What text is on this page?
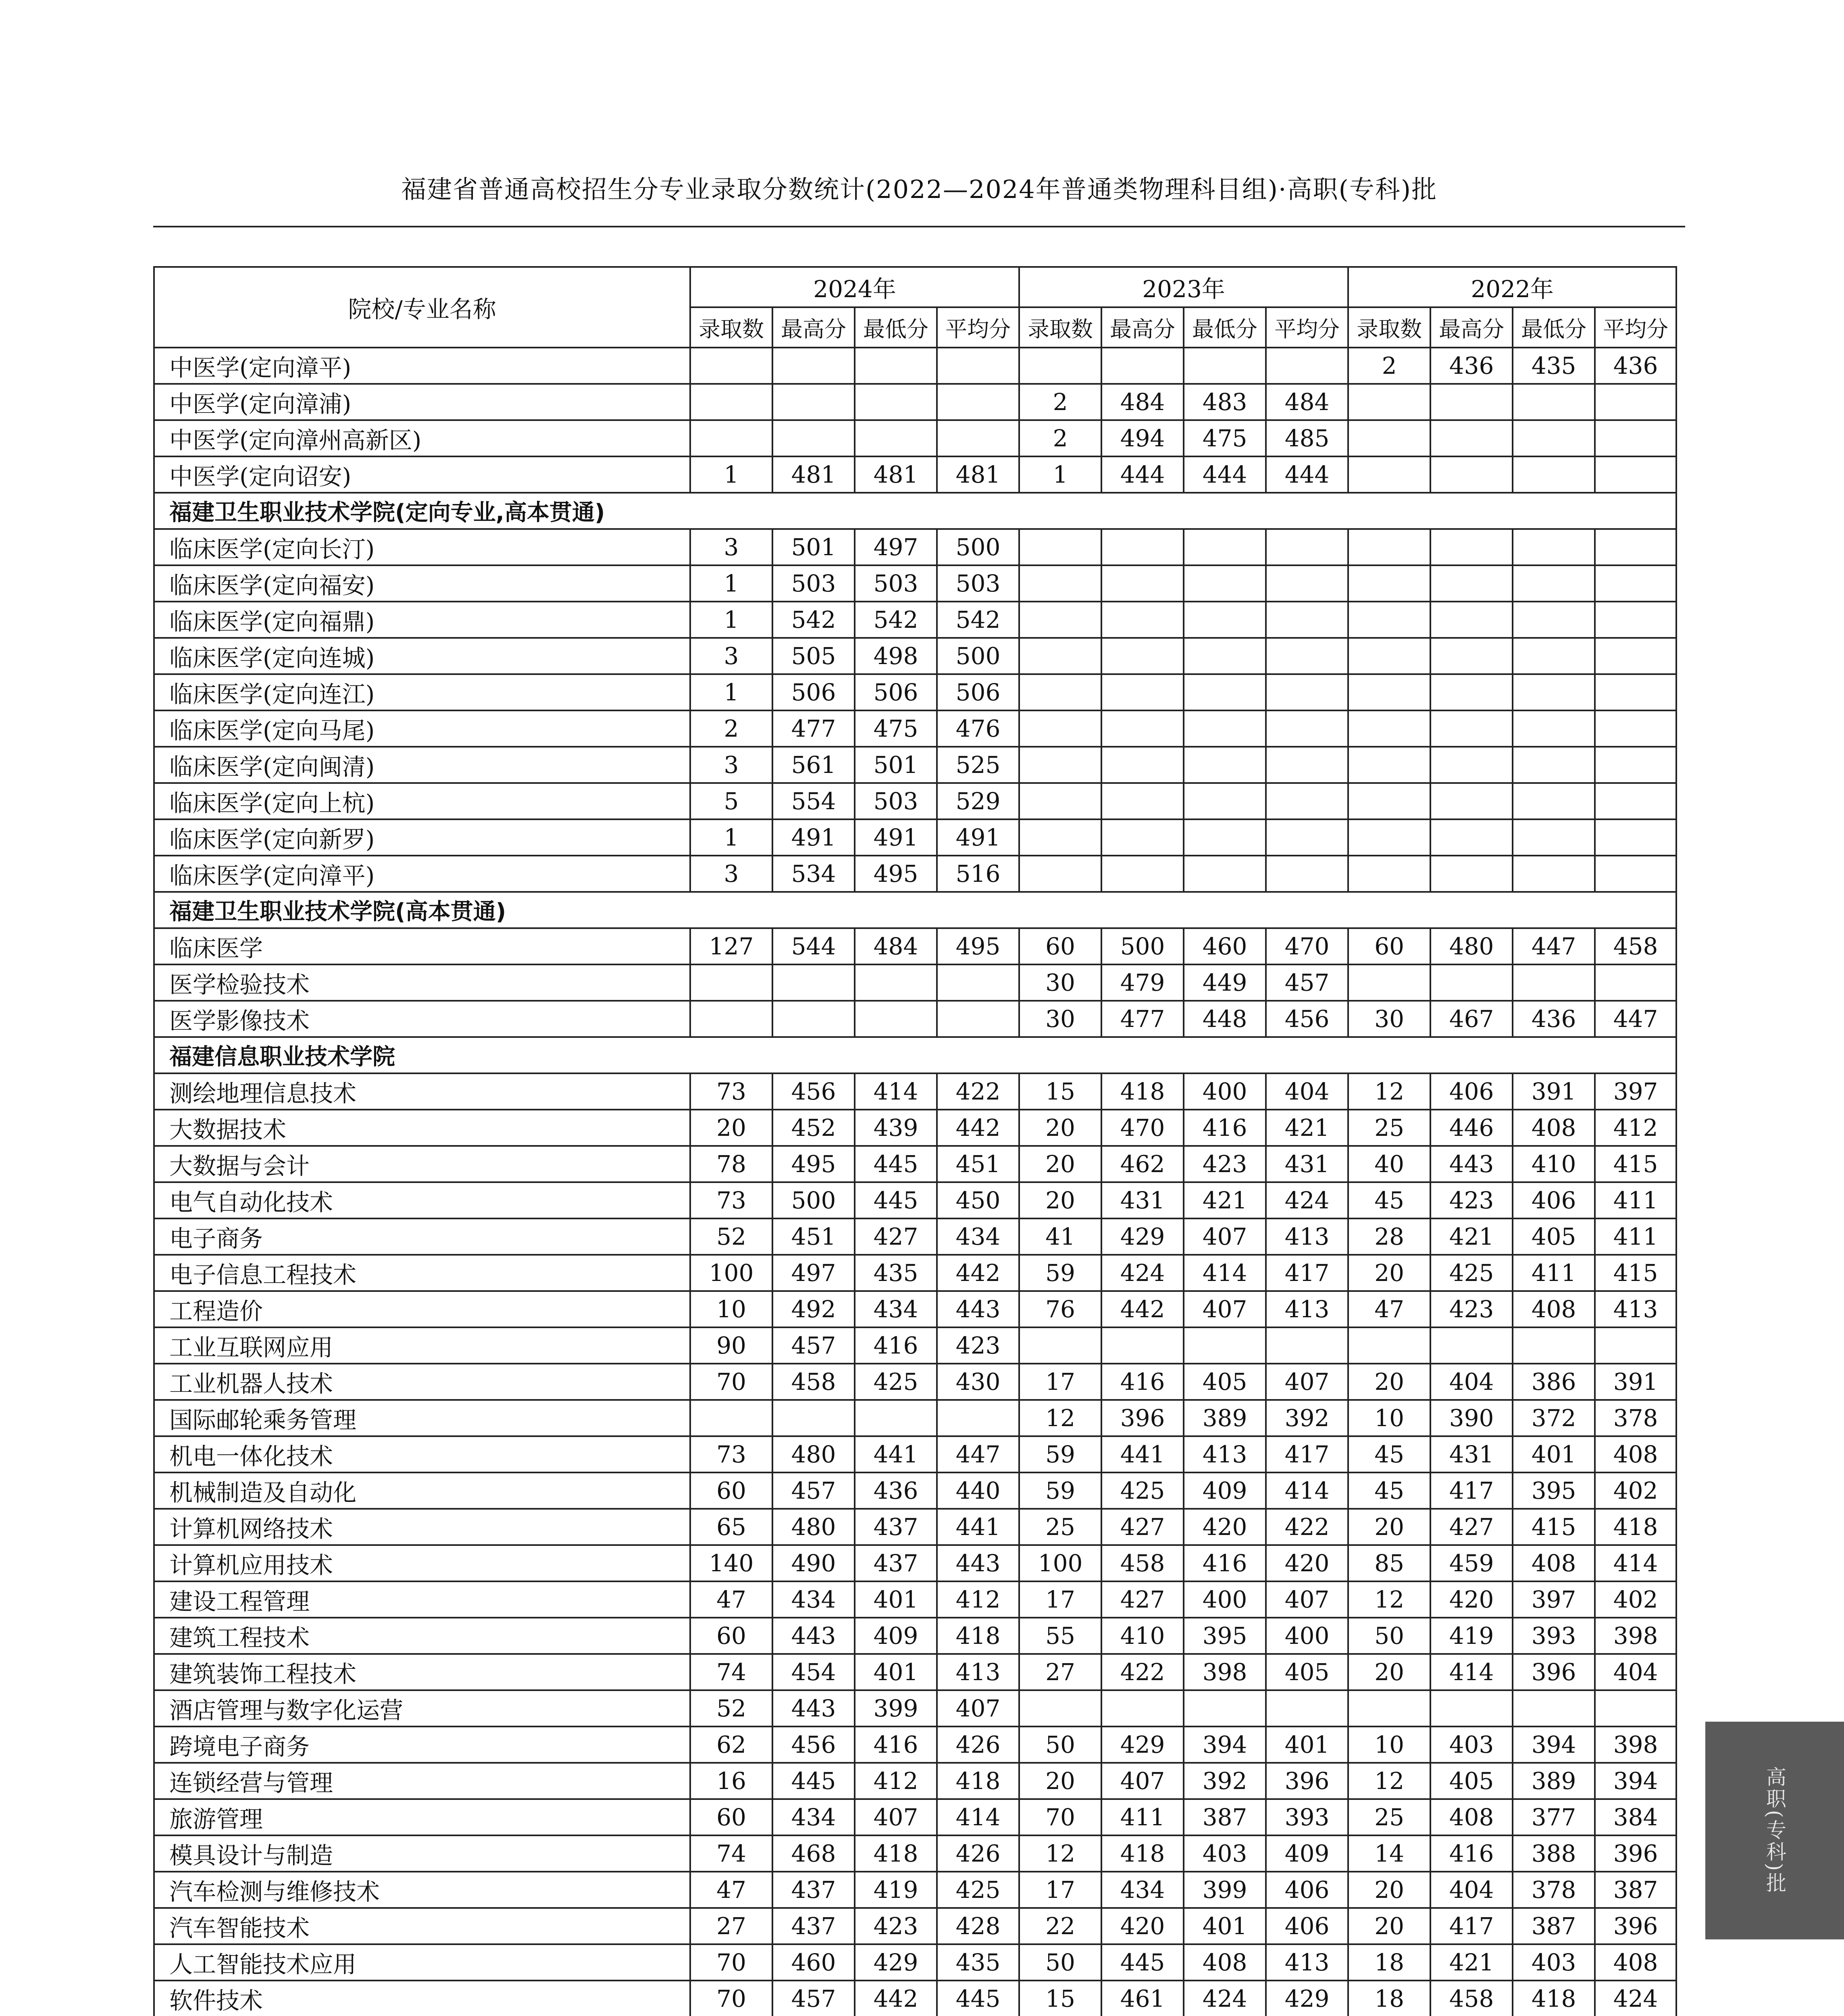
福建省普通高校招生分专业录取分数统计(2022—2024年普通类物理科目组)·高职(专科)批
院校/专业名称	2024年				2023年				2022年			
	录取数	最高分	最低分	平均分	录取数	最高分	最低分	平均分	录取数	最高分	最低分	平均分
中医学(定向漳平)									2	436	435	436
中医学(定向漳浦)					2	484	483	484				
中医学(定向漳州高新区)					2	494	475	485				
中医学(定向诏安)	1	481	481	481	1	444	444	444				
福建卫生职业技术学院(定向专业,高本贯通)												
临床医学(定向长汀)	3	501	497	500								
临床医学(定向福安)	1	503	503	503								
临床医学(定向福鼎)	1	542	542	542								
临床医学(定向连城)	3	505	498	500								
临床医学(定向连江)	1	506	506	506								
临床医学(定向马尾)	2	477	475	476								
临床医学(定向闽清)	3	561	501	525								
临床医学(定向上杭)	5	554	503	529								
临床医学(定向新罗)	1	491	491	491								
临床医学(定向漳平)	3	534	495	516								
福建卫生职业技术学院(高本贯通)												
临床医学	127	544	484	495	60	500	460	470	60	480	447	458
医学检验技术					30	479	449	457				
医学影像技术					30	477	448	456	30	467	436	447
福建信息职业技术学院												
测绘地理信息技术	73	456	414	422	15	418	400	404	12	406	391	397
大数据技术	20	452	439	442	20	470	416	421	25	446	408	412
大数据与会计	78	495	445	451	20	462	423	431	40	443	410	415
电气自动化技术	73	500	445	450	20	431	421	424	45	423	406	411
电子商务	52	451	427	434	41	429	407	413	28	421	405	411
电子信息工程技术	100	497	435	442	59	424	414	417	20	425	411	415
工程造价	10	492	434	443	76	442	407	413	47	423	408	413
工业互联网应用	90	457	416	423								
工业机器人技术	70	458	425	430	17	416	405	407	20	404	386	391
国际邮轮乘务管理					12	396	389	392	10	390	372	378
机电一体化技术	73	480	441	447	59	441	413	417	45	431	401	408
机械制造及自动化	60	457	436	440	59	425	409	414	45	417	395	402
计算机网络技术	65	480	437	441	25	427	420	422	20	427	415	418
计算机应用技术	140	490	437	443	100	458	416	420	85	459	408	414
建设工程管理	47	434	401	412	17	427	400	407	12	420	397	402
建筑工程技术	60	443	409	418	55	410	395	400	50	419	393	398
建筑装饰工程技术	74	454	401	413	27	422	398	405	20	414	396	404
酒店管理与数字化运营	52	443	399	407								
跨境电子商务	62	456	416	426	50	429	394	401	10	403	394	398
连锁经营与管理	16	445	412	418	20	407	392	396	12	405	389	394
旅游管理	60	434	407	414	70	411	387	393	25	408	377	384
模具设计与制造	74	468	418	426	12	418	403	409	14	416	388	396
汽车检测与维修技术	47	437	419	425	17	434	399	406	20	404	378	387
汽车智能技术	27	437	423	428	22	420	401	406	20	417	387	396
人工智能技术应用	70	460	429	435	50	445	408	413	18	421	403	408
软件技术	70	457	442	445	15	461	424	429	18	458	418	424

高职(专科)批
